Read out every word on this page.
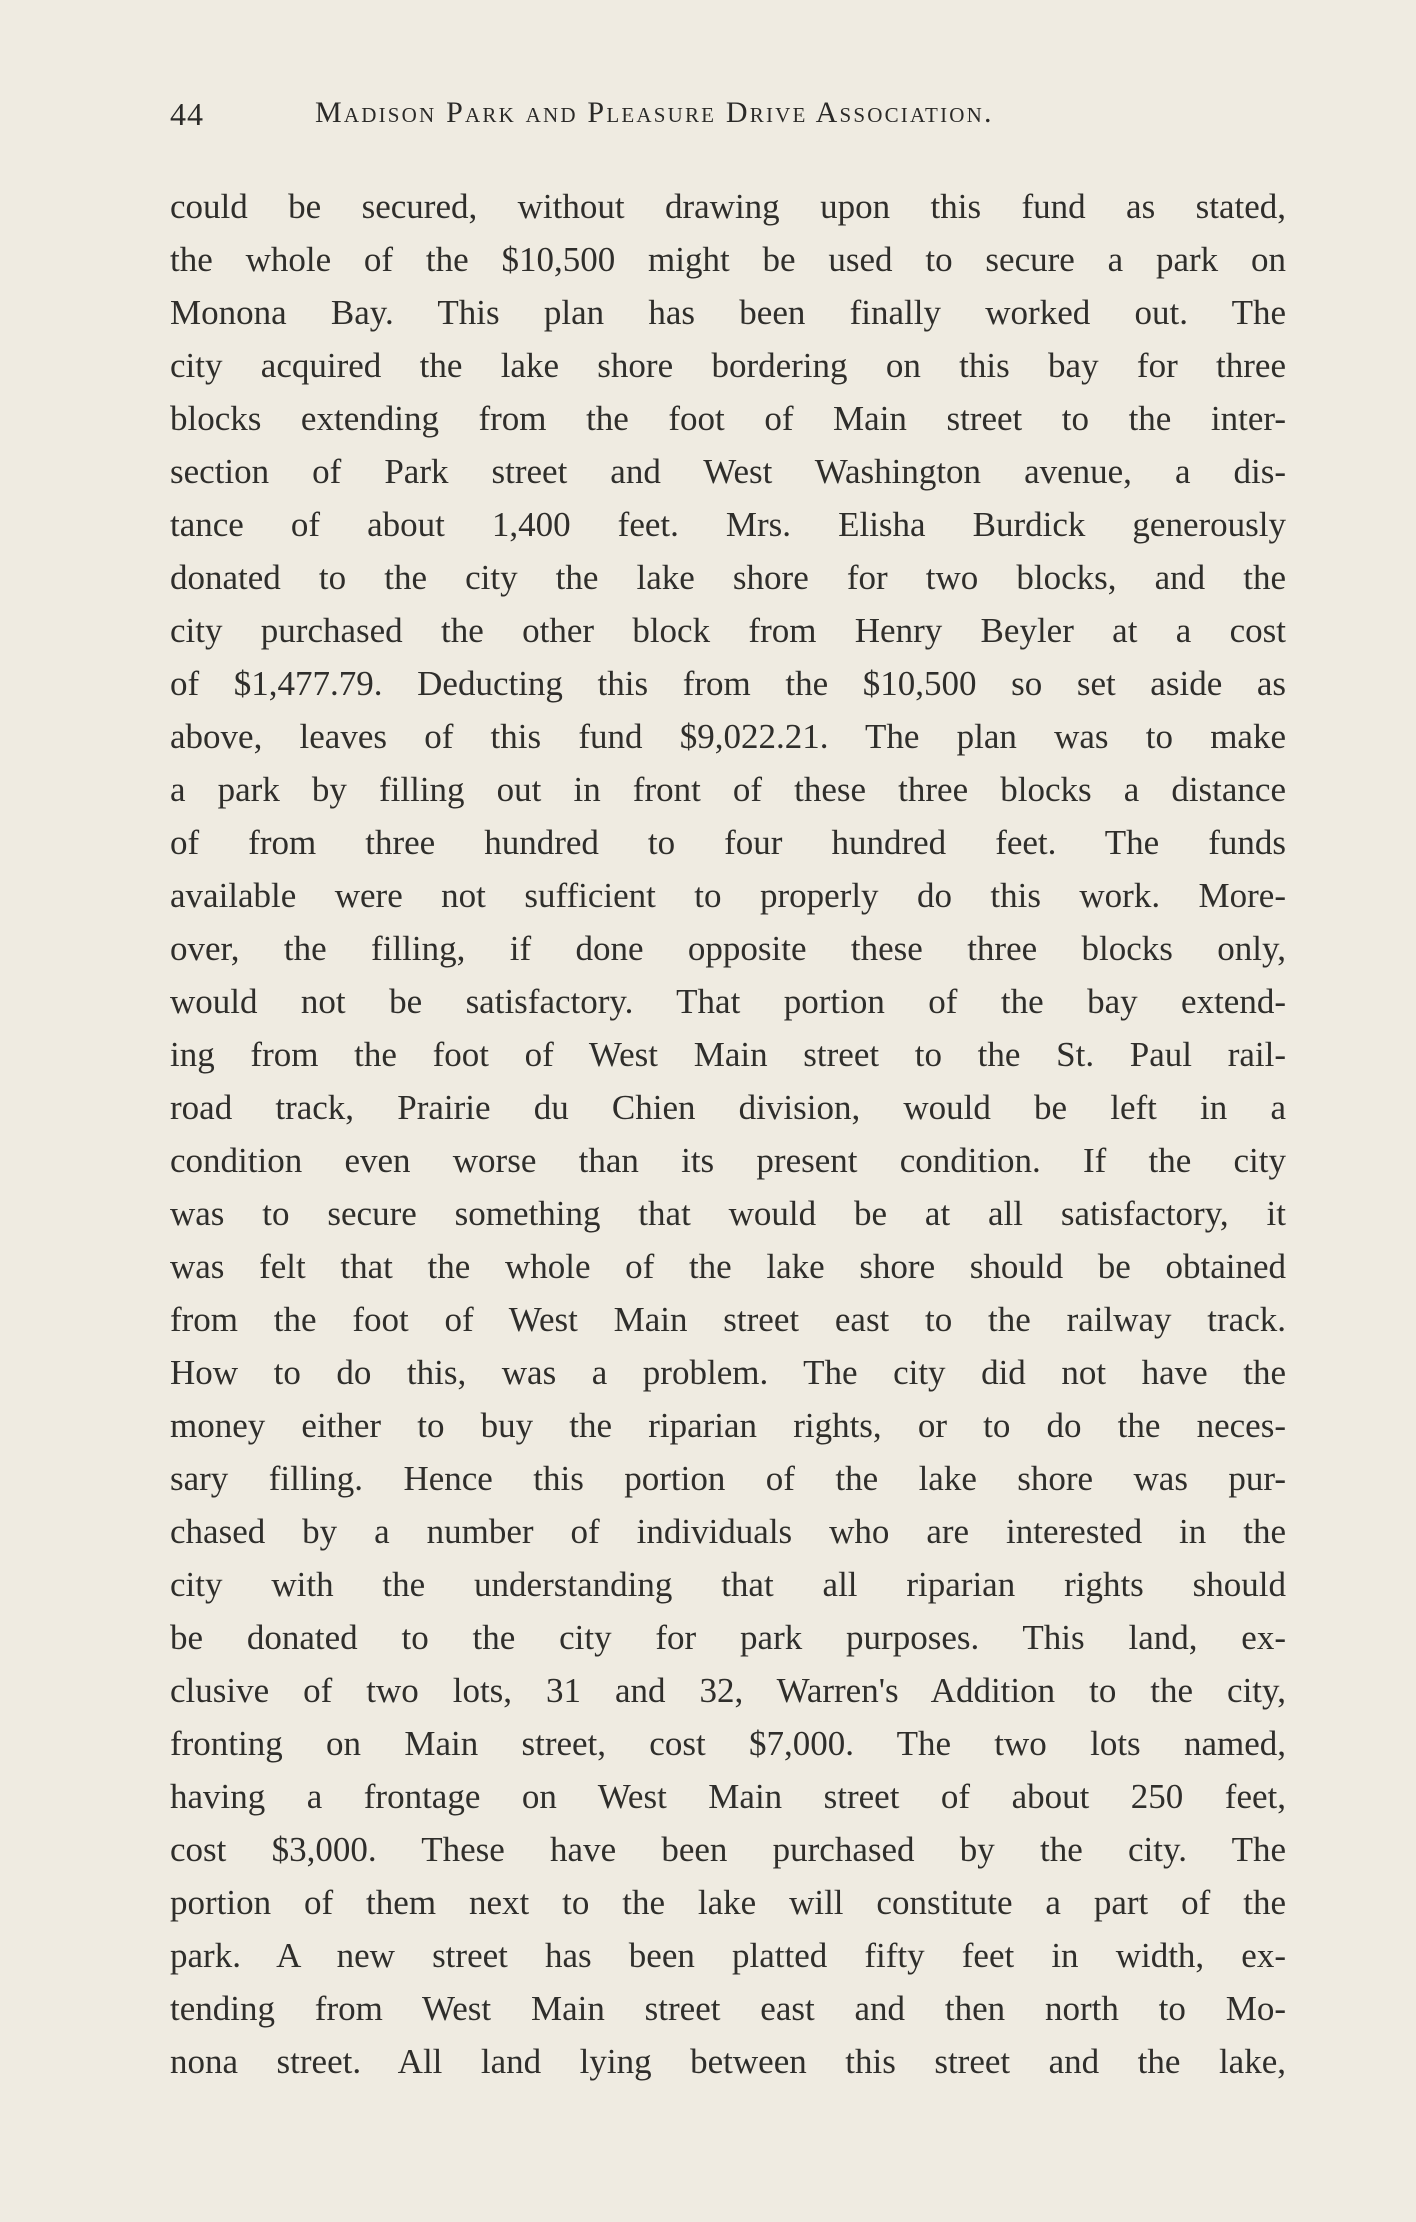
44	Madison Park and Pleasure Drive Association.
could be secured, without drawing upon this fund as stated,
the whole of the $10,500 might be used to secure a park on
Monona Bay. This plan has been finally worked out. The
city acquired the lake shore bordering on this bay for three
blocks extending from the foot of Main street to the inter-
section of Park street and West Washington avenue, a dis-
tance of about 1,400 feet. Mrs. Elisha Burdick generously
donated to the city the lake shore for two blocks, and the
city purchased the other block from Henry Beyler at a cost
of $1,477.79. Deducting this from the $10,500 so set aside as
above, leaves of this fund $9,022.21. The plan was to make
a park by filling out in front of these three blocks a distance
of from three hundred to four hundred feet. The funds
available were not sufficient to properly do this work. More-
over, the filling, if done opposite these three blocks only,
would not be satisfactory. That portion of the bay extend-
ing from the foot of West Main street to the St. Paul rail-
road track, Prairie du Chien division, would be left in a
condition even worse than its present condition. If the city
was to secure something that would be at all satisfactory, it
was felt that the whole of the lake shore should be obtained
from the foot of West Main street east to the railway track.
How to do this, was a problem. The city did not have the
money either to buy the riparian rights, or to do the neces-
sary filling. Hence this portion of the lake shore was pur-
chased by a number of individuals who are interested in the
city with the understanding that all riparian rights should
be donated to the city for park purposes. This land, ex-
clusive of two lots, 31 and 32, Warren's Addition to the city,
fronting on Main street, cost $7,000. The two lots named,
having a frontage on West Main street of about 250 feet,
cost $3,000. These have been purchased by the city. The
portion of them next to the lake will constitute a part of the
park. A new street has been platted fifty feet in width, ex-
tending from West Main street east and then north to Mo-
nona street. All land lying between this street and the lake,
